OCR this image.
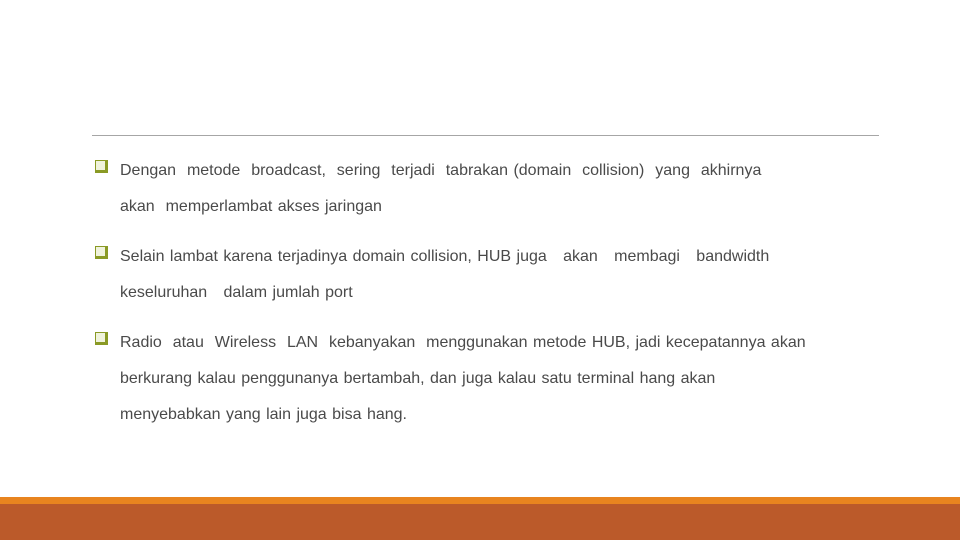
Dengan  metode  broadcast,  sering  terjadi  tabrakan (domain  collision)  yang  akhirnya
akan  memperlambat akses jaringan
Selain lambat karena terjadinya domain collision, HUB juga   akan   membagi   bandwidth
keseluruhan   dalam jumlah port
Radio  atau  Wireless  LAN  kebanyakan  menggunakan metode HUB, jadi kecepatannya akan
berkurang kalau penggunanya bertambah, dan juga kalau satu terminal hang akan
menyebabkan yang lain juga bisa hang.
